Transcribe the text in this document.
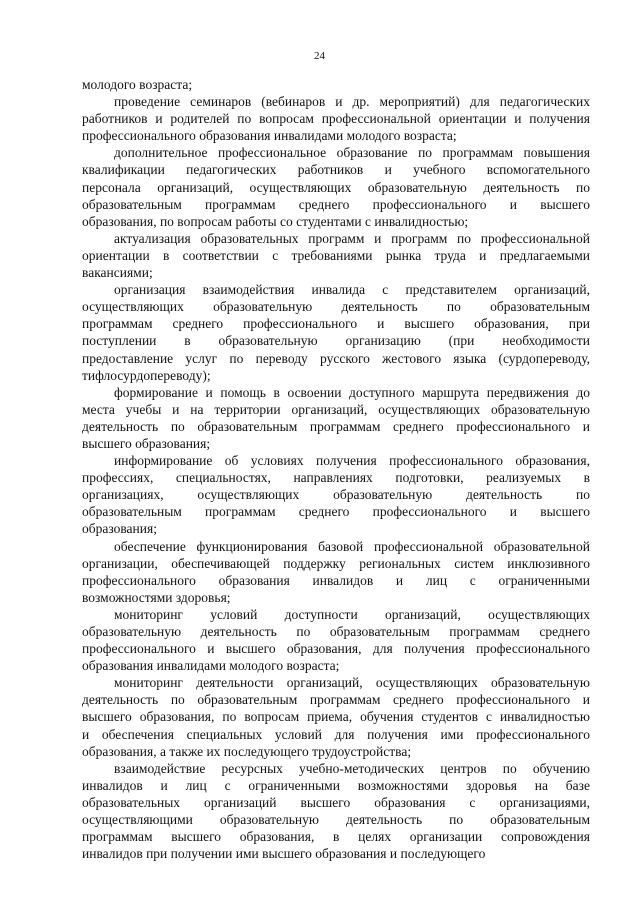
24
молодого возраста;
проведение семинаров (вебинаров и др. мероприятий) для педагогических
работников и родителей по вопросам профессиональной ориентации и получения
профессионального образования инвалидами молодого возраста;
дополнительное профессиональное образование по программам повышения
квалификации педагогических работников и учебного вспомогательного
персонала организаций, осуществляющих образовательную деятельность по
образовательным программам среднего профессионального и высшего
образования, по вопросам работы со студентами с инвалидностью;
актуализация образовательных программ и программ по профессиональной
ориентации в соответствии с требованиями рынка труда и предлагаемыми
вакансиями;
организация взаимодействия инвалида с представителем организаций,
осуществляющих образовательную деятельность по образовательным
программам среднего профессионального и высшего образования, при
поступлении в образовательную организацию (при необходимости
предоставление услуг по переводу русского жестового языка (сурдопереводу,
тифлосурдопереводу);
формирование и помощь в освоении доступного маршрута передвижения до
места учебы и на территории организаций, осуществляющих образовательную
деятельность по образовательным программам среднего профессионального и
высшего образования;
информирование об условиях получения профессионального образования,
профессиях, специальностях, направлениях подготовки, реализуемых в
организациях, осуществляющих образовательную деятельность по
образовательным программам среднего профессионального и высшего
образования;
обеспечение функционирования базовой профессиональной образовательной
организации, обеспечивающей поддержку региональных систем инклюзивного
профессионального образования инвалидов и лиц с ограниченными
возможностями здоровья;
мониторинг условий доступности организаций, осуществляющих
образовательную деятельность по образовательным программам среднего
профессионального и высшего образования, для получения профессионального
образования инвалидами молодого возраста;
мониторинг деятельности организаций, осуществляющих образовательную
деятельность по образовательным программам среднего профессионального и
высшего образования, по вопросам приема, обучения студентов с инвалидностью
и обеспечения специальных условий для получения ими профессионального
образования, а также их последующего трудоустройства;
взаимодействие ресурсных учебно-методических центров по обучению
инвалидов и лиц с ограниченными возможностями здоровья на базе
образовательных организаций высшего образования с организациями,
осуществляющими образовательную деятельность по образовательным
программам высшего образования, в целях организации сопровождения
инвалидов при получении ими высшего образования и последующего
